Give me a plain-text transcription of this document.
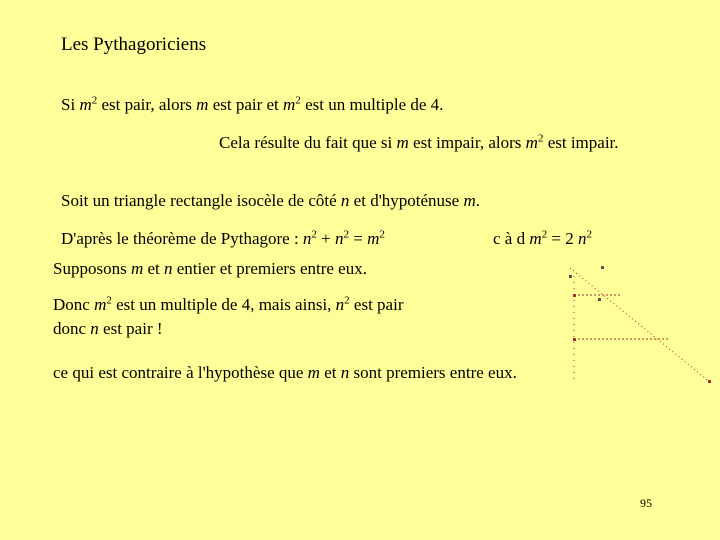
Les Pythagoriciens
Si $m^2$ est pair, alors m est pair et $m^2$ est un multiple de 4.
Cela résulte du fait que si m est impair, alors $m^2$ est impair.
Soit un triangle rectangle isocèle de côté n et d'hypoténuse m.
D'après le théorème de Pythagore : $n^2 + n^2 = m^2$	c à d $m^2 = 2$ $n^2$
Supposons m et n entier et premiers entre eux.
Donc $m^2$ est un multiple de 4, mais ainsi, $n^2$ est pair
donc n est pair !
ce qui est contraire à l'hypothèse que m et n sont premiers entre eux.
95
